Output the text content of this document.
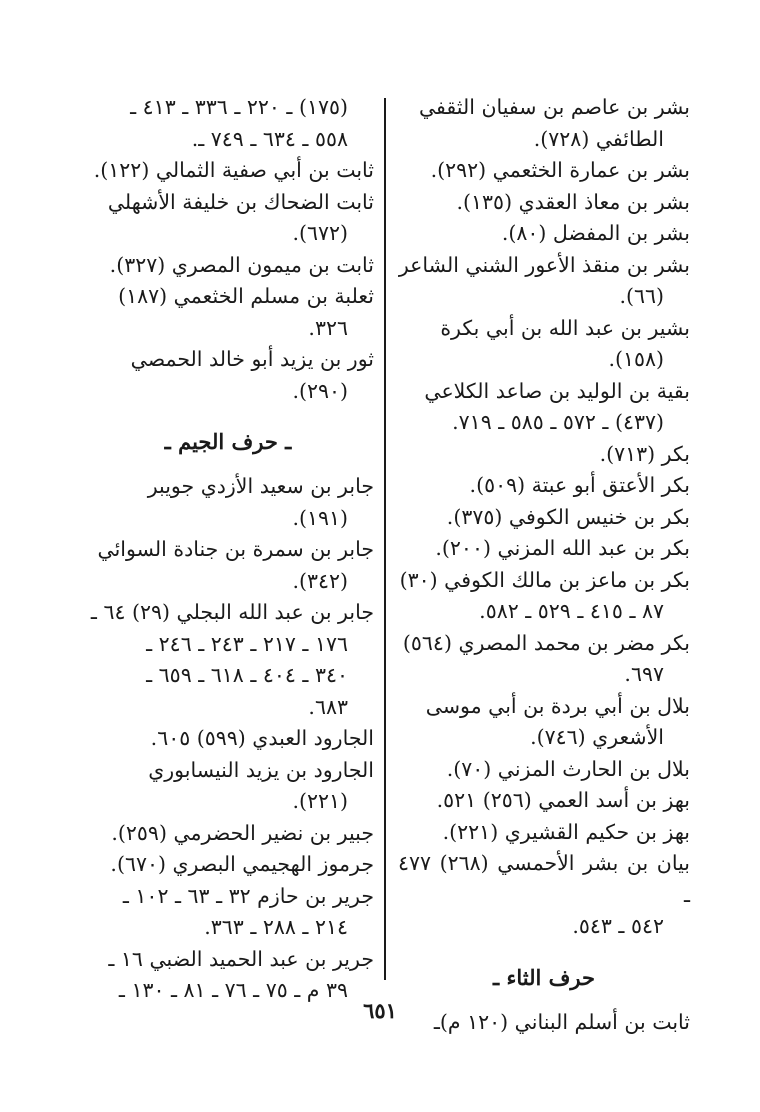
بشر بن عاصم بن سفيان الثقفي
الطائفي (٧٢٨).
بشر بن عمارة الخثعمي (٢٩٢).
بشر بن معاذ العقدي (١٣٥).
بشر بن المفضل (٨٠).
بشر بن منقذ الأعور الشني الشاعر
(٦٦).
بشير بن عبد الله بن أبي بكرة
(١٥٨).
بقية بن الوليد بن صاعد الكلاعي
(٤٣٧) ـ ٥٧٢ ـ ٥٨٥ ـ ٧١٩.
بكر (٧١٣).
بكر الأعتق أبو عبتة (٥٠٩).
بكر بن خنيس الكوفي (٣٧٥).
بكر بن عبد الله المزني (٢٠٠).
بكر بن ماعز بن مالك الكوفي (٣٠)
٨٧ ـ ٤١٥ ـ ٥٢٩ ـ ٥٨٢.
بكر مضر بن محمد المصري (٥٦٤)
٦٩٧.
بلال بن أبي بردة بن أبي موسى
الأشعري (٧٤٦).
بلال بن الحارث المزني (٧٠).
بهز بن أسد العمي (٢٥٦) ٥٢١.
بهز بن حكيم القشيري (٢٢١).
بيان بن بشر الأحمسي (٢٦٨) ٤٧٧ ـ
٥٤٢ ـ ٥٤٣.
حرف الثاء ـ
ثابت بن أسلم البناني (١٢٠ م)ـ
(١٧٥) ـ ٢٢٠ ـ ٣٣٦ ـ ٤١٣ ـ
٥٥٨ ـ ٦٣٤ ـ ٧٤٩ ـ.
ثابت بن أبي صفية الثمالي (١٢٢).
ثابت الضحاك بن خليفة الأشهلي
(٦٧٢).
ثابت بن ميمون المصري (٣٢٧).
ثعلبة بن مسلم الخثعمي (١٨٧)
٣٢٦.
ثور بن يزيد أبو خالد الحمصي
(٢٩٠).
ـ حرف الجيم ـ
جابر بن سعيد الأزدي جويبر
(١٩١).
جابر بن سمرة بن جنادة السوائي
(٣٤٢).
جابر بن عبد الله البجلي (٢٩) ٦٤ ـ
١٧٦ ـ ٢١٧ ـ ٢٤٣ ـ ٢٤٦ ـ
٣٤٠ ـ ٤٠٤ ـ ٦١٨ ـ ٦٥٩ ـ
٦٨٣.
الجارود العبدي (٥٩٩) ٦٠٥.
الجارود بن يزيد النيسابوري
(٢٢١).
جبير بن نضير الحضرمي (٢٥٩).
جرموز الهجيمي البصري (٦٧٠).
جرير بن حازم ٣٢ ـ ٦٣ ـ ١٠٢ ـ
٢١٤ ـ ٢٨٨ ـ ٣٦٣.
جرير بن عبد الحميد الضبي ١٦ ـ
٣٩ م ـ ٧٥ ـ ٧٦ ـ ٨١ ـ ١٣٠ ـ
٦٥١
